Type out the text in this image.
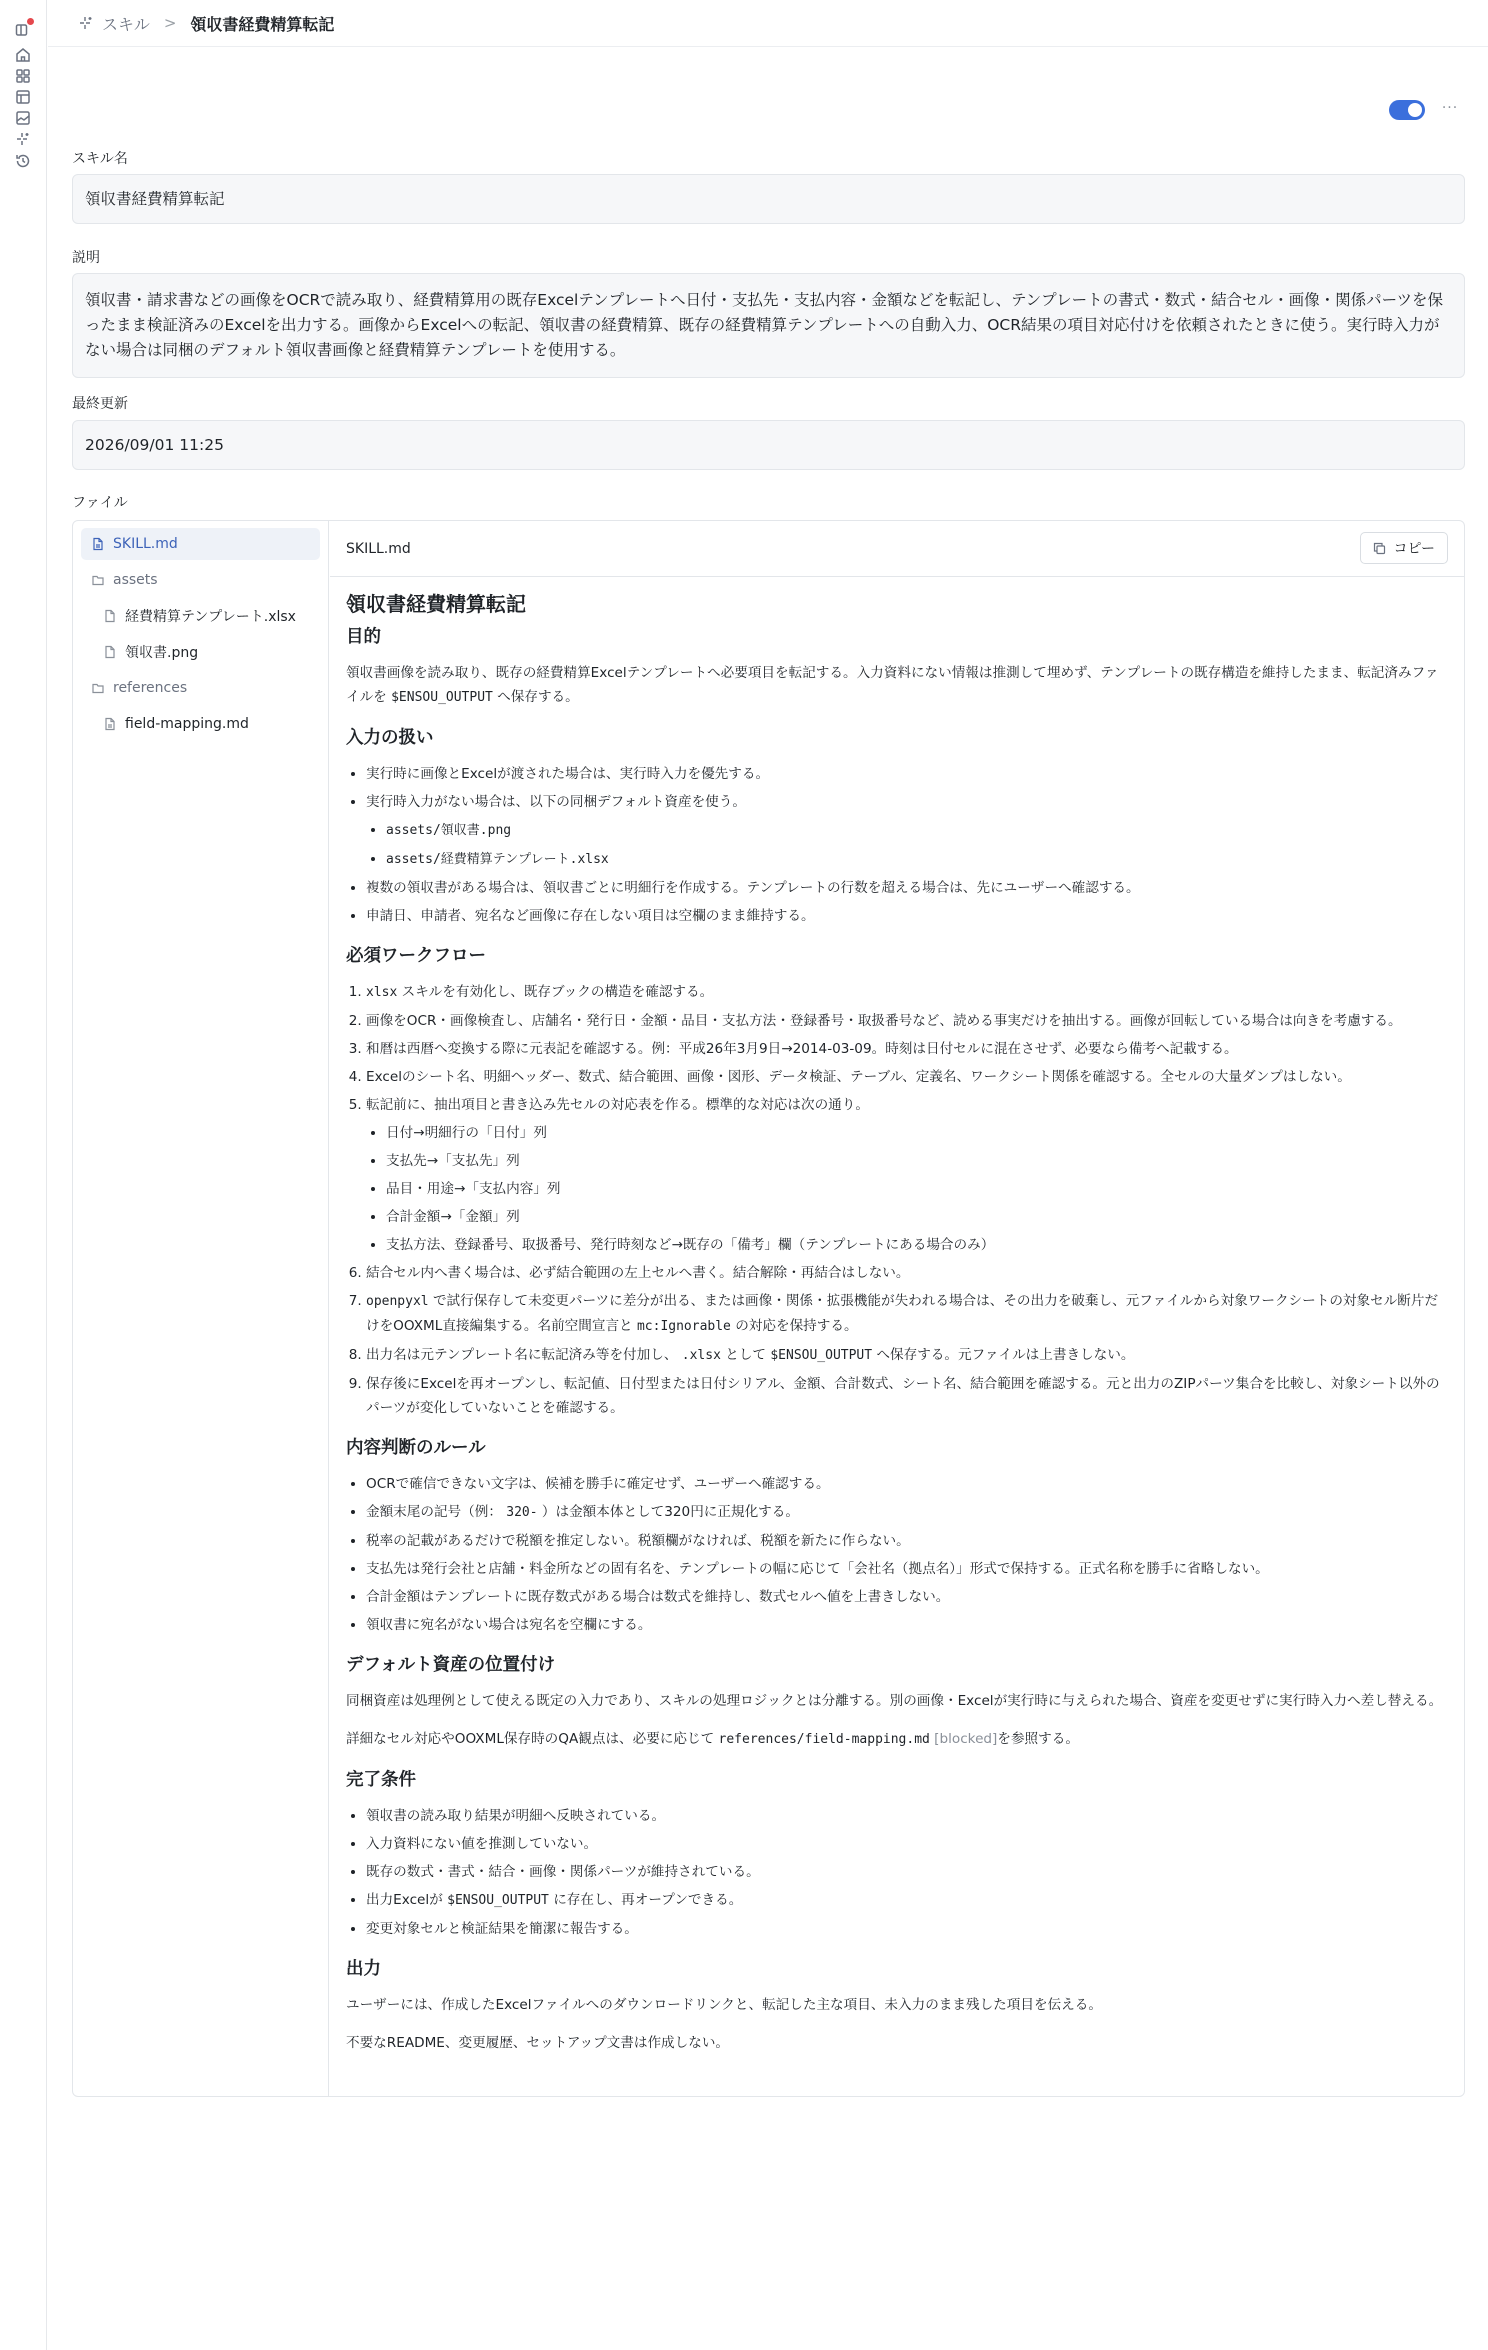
スキル > 領収書経費精算転記
···
スキル名
領収書経費精算転記
説明
領収書・請求書などの画像をOCRで読み取り、経費精算用の既存Excelテンプレートへ日付・支払先・支払内容・金額などを転記し、テンプレートの書式・数式・結合セル・画像・関係パーツを保ったまま検証済みのExcelを出力する。画像からExcelへの転記、領収書の経費精算、既存の経費精算テンプレートへの自動入力、OCR結果の項目対応付けを依頼されたときに使う。実行時入力がない場合は同梱のデフォルト領収書画像と経費精算テンプレートを使用する。
最終更新
2026/09/01 11:25
ファイル
SKILL.md
assets
経費精算テンプレート.xlsx
領収書.png
references
field-mapping.md
SKILL.md	コピー
領収書経費精算転記
目的

領収書画像を読み取り、既存の経費精算Excelテンプレートへ必要項目を転記する。入力資料にない情報は推測して埋めず、テンプレートの既存構造を維持したまま、転記済みファイルを $ENSOU_OUTPUT へ保存する。

入力の扱い
• 実行時に画像とExcelが渡された場合は、実行時入力を優先する。
• 実行時入力がない場合は、以下の同梱デフォルト資産を使う。
• assets/領収書.png
• assets/経費精算テンプレート.xlsx
• 複数の領収書がある場合は、領収書ごとに明細行を作成する。テンプレートの行数を超える場合は、先にユーザーへ確認する。
• 申請日、申請者、宛名など画像に存在しない項目は空欄のまま維持する。
必須ワークフロー
1. xlsx スキルを有効化し、既存ブックの構造を確認する。
2. 画像をOCR・画像検査し、店舗名・発行日・金額・品目・支払方法・登録番号・取扱番号など、読める事実だけを抽出する。画像が回転している場合は向きを考慮する。
3. 和暦は西暦へ変換する際に元表記を確認する。例：平成26年3月9日→2014-03-09。時刻は日付セルに混在させず、必要なら備考へ記載する。
4. Excelのシート名、明細ヘッダー、数式、結合範囲、画像・図形、データ検証、テーブル、定義名、ワークシート関係を確認する。全セルの大量ダンプはしない。
5. 転記前に、抽出項目と書き込み先セルの対応表を作る。標準的な対応は次の通り。
• 日付→明細行の「日付」列
• 支払先→「支払先」列
• 品目・用途→「支払内容」列
• 合計金額→「金額」列
• 支払方法、登録番号、取扱番号、発行時刻など→既存の「備考」欄（テンプレートにある場合のみ）
6. 結合セル内へ書く場合は、必ず結合範囲の左上セルへ書く。結合解除・再結合はしない。
7. openpyxl で試行保存して未変更パーツに差分が出る、または画像・関係・拡張機能が失われる場合は、その出力を破棄し、元ファイルから対象ワークシートの対象セル断片だけをOOXML直接編集する。名前空間宣言と mc:Ignorable の対応を保持する。
8. 出力名は元テンプレート名に転記済み等を付加し、 .xlsx として $ENSOU_OUTPUT へ保存する。元ファイルは上書きしない。
9. 保存後にExcelを再オープンし、転記値、日付型または日付シリアル、金額、合計数式、シート名、結合範囲を確認する。元と出力のZIPパーツ集合を比較し、対象シート以外のパーツが変化していないことを確認する。
内容判断のルール
• OCRで確信できない文字は、候補を勝手に確定せず、ユーザーへ確認する。
• 金額末尾の記号（例： 320- ）は金額本体として320円に正規化する。
• 税率の記載があるだけで税額を推定しない。税額欄がなければ、税額を新たに作らない。
• 支払先は発行会社と店舗・料金所などの固有名を、テンプレートの幅に応じて「会社名（拠点名）」形式で保持する。正式名称を勝手に省略しない。
• 合計金額はテンプレートに既存数式がある場合は数式を維持し、数式セルへ値を上書きしない。
• 領収書に宛名がない場合は宛名を空欄にする。
デフォルト資産の位置付け

同梱資産は処理例として使える既定の入力であり、スキルの処理ロジックとは分離する。別の画像・Excelが実行時に与えられた場合、資産を変更せずに実行時入力へ差し替える。

詳細なセル対応やOOXML保存時のQA観点は、必要に応じて references/field-mapping.md [blocked]を参照する。

完了条件
• 領収書の読み取り結果が明細へ反映されている。
• 入力資料にない値を推測していない。
• 既存の数式・書式・結合・画像・関係パーツが維持されている。
• 出力Excelが $ENSOU_OUTPUT に存在し、再オープンできる。
• 変更対象セルと検証結果を簡潔に報告する。
出力

ユーザーには、作成したExcelファイルへのダウンロードリンクと、転記した主な項目、未入力のまま残した項目を伝える。

不要なREADME、変更履歴、セットアップ文書は作成しない。
